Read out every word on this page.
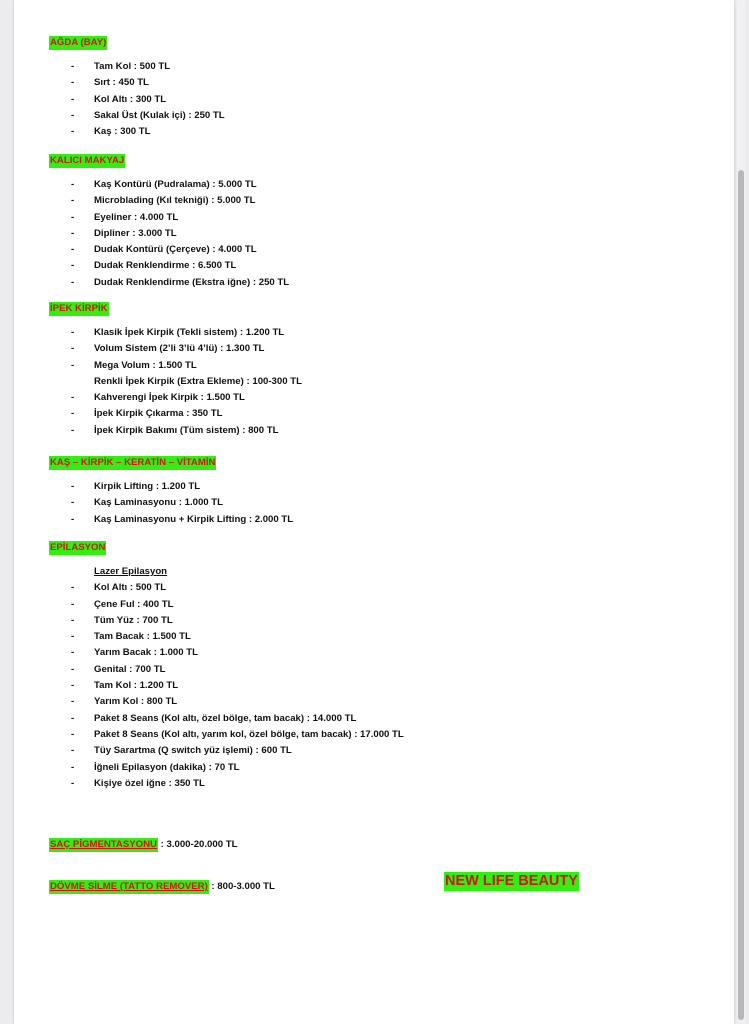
AĞDA (BAY)
- Tam Kol : 500 TL
- Sırt : 450 TL
- Kol Altı : 300 TL
- Sakal Üst (Kulak içi) : 250 TL
- Kaş : 300 TL
KALICI MAKYAJ
- Kaş Kontürü (Pudralama) : 5.000 TL
- Microblading (Kıl tekniği) : 5.000 TL
- Eyeliner : 4.000 TL
- Dipliner : 3.000 TL
- Dudak Kontürü (Çerçeve) : 4.000 TL
- Dudak Renklendirme : 6.500 TL
- Dudak Renklendirme (Ekstra iğne) : 250 TL
İPEK KİRPİK
- Klasik İpek Kirpik (Tekli sistem) : 1.200 TL
- Volum Sistem (2’li 3’lü 4’lü) : 1.300 TL
- Mega Volum : 1.500 TL
Renkli İpek Kirpik (Extra Ekleme) : 100-300 TL
- Kahverengi İpek Kirpik : 1.500 TL
- İpek Kirpik Çıkarma : 350 TL
- İpek Kirpik Bakımı (Tüm sistem) : 800 TL
KAŞ – KİRPİK – KERATİN – VİTAMİN
- Kirpik Lifting : 1.200 TL
- Kaş Laminasyonu : 1.000 TL
- Kaş Laminasyonu + Kirpik Lifting : 2.000 TL
EPİLASYON
Lazer Epilasyon
- Kol Altı : 500 TL
- Çene Ful : 400 TL
- Tüm Yüz : 700 TL
- Tam Bacak : 1.500 TL
- Yarım Bacak : 1.000 TL
- Genital : 700 TL
- Tam Kol : 1.200 TL
- Yarım Kol : 800 TL
- Paket 8 Seans (Kol altı, özel bölge, tam bacak) : 14.000 TL
- Paket 8 Seans (Kol altı, yarım kol, özel bölge, tam bacak) : 17.000 TL
- Tüy Sarartma (Q switch yüz işlemi) : 600 TL
- İğneli Epilasyon (dakika) : 70 TL
- Kişiye özel iğne : 350 TL
SAÇ PİGMENTASYONU : 3.000-20.000 TL
DÖVME SİLME (TATTO REMOVER) : 800-3.000 TL	NEW LIFE BEAUTY
